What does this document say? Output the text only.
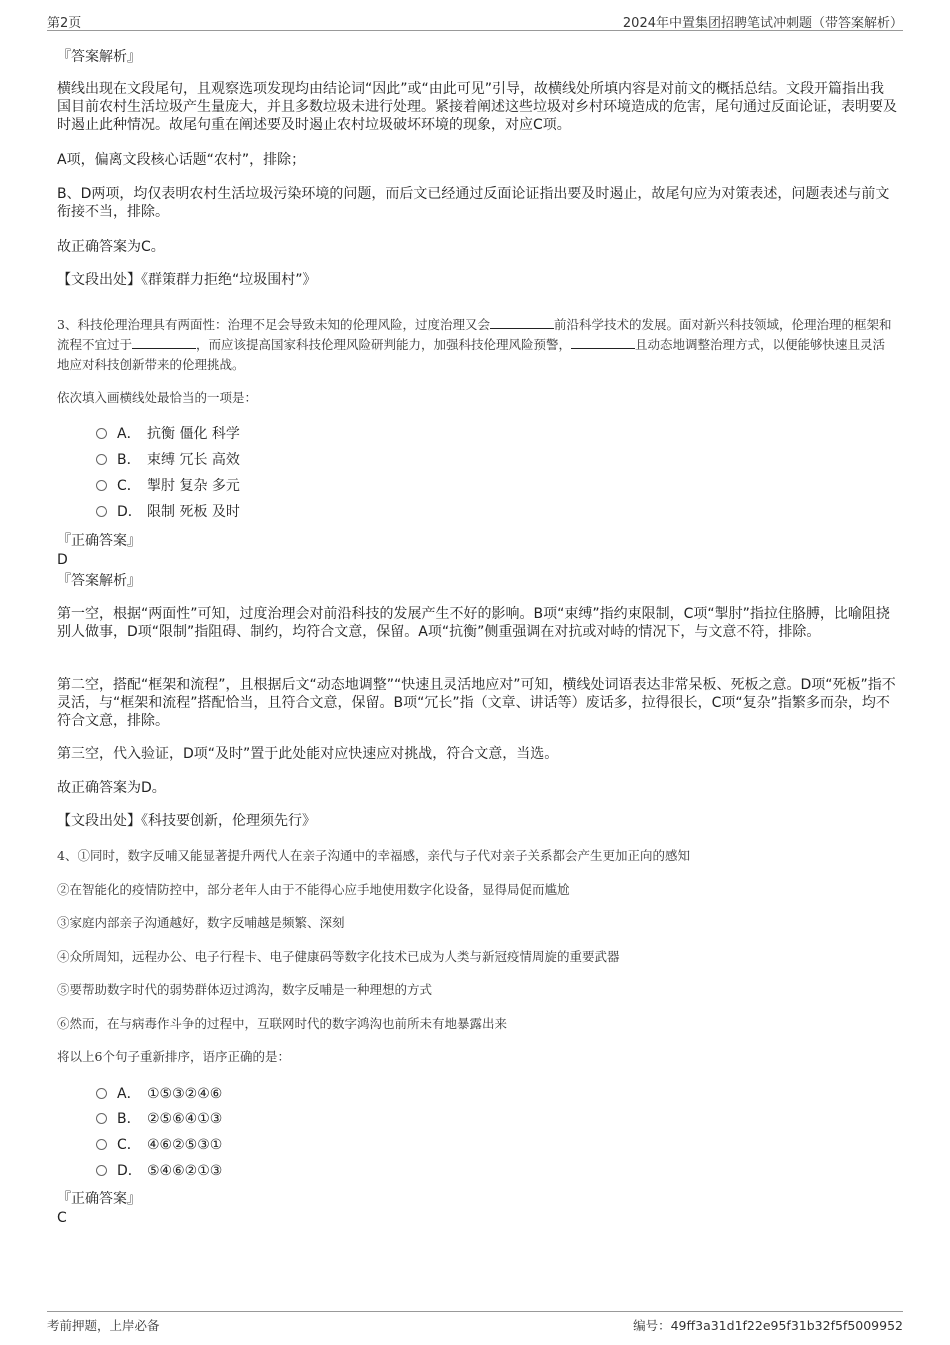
第2页	2024年中置集团招聘笔试冲刺题（带答案解析）

『答案解析』

横线出现在文段尾句，且观察选项发现均由结论词“因此”或“由此可见”引导，故横线处所填内容是对前文的概括总结。文段开篇指出我国目前农村生活垃圾产生量庞大，并且多数垃圾未进行处理。紧接着阐述这些垃圾对乡村环境造成的危害，尾句通过反面论证，表明要及时遏止此种情况。故尾句重在阐述要及时遏止农村垃圾破坏环境的现象，对应C项。

A项，偏离文段核心话题“农村”，排除；

B、D两项，均仅表明农村生活垃圾污染环境的问题，而后文已经通过反面论证指出要及时遏止，故尾句应为对策表述，问题表述与前文衔接不当，排除。

故正确答案为C。

【文段出处】《群策群力拒绝“垃圾围村”》

3、科技伦理治理具有两面性：治理不足会导致未知的伦理风险，过度治理又会	前沿科学技术的发展。面对新兴科技领域，伦理治理的框架和流程不宜过于	，而应该提高国家科技伦理风险研判能力，加强科技伦理风险预警，	且动态地调整治理方式，以便能够快速且灵活地应对科技创新带来的伦理挑战。

依次填入画横线处最恰当的一项是：

A． 抗衡 僵化 科学
B． 束缚 冗长 高效
C． 掣肘 复杂 多元
D． 限制 死板 及时

『正确答案』

D

『答案解析』

第一空，根据“两面性”可知，过度治理会对前沿科技的发展产生不好的影响。B项“束缚”指约束限制，C项“掣肘”指拉住胳膊，比喻阻挠别人做事，D项“限制”指阻碍、制约，均符合文意，保留。A项“抗衡”侧重强调在对抗或对峙的情况下，与文意不符，排除。

第二空，搭配“框架和流程”，且根据后文“动态地调整”“快速且灵活地应对”可知，横线处词语表达非常呆板、死板之意。D项“死板”指不灵活，与“框架和流程”搭配恰当，且符合文意，保留。B项“冗长”指（文章、讲话等）废话多，拉得很长，C项“复杂”指繁多而杂，均不符合文意，排除。

第三空，代入验证，D项“及时”置于此处能对应快速应对挑战，符合文意，当选。

故正确答案为D。

【文段出处】《科技要创新，伦理须先行》

4、①同时，数字反哺又能显著提升两代人在亲子沟通中的幸福感，亲代与子代对亲子关系都会产生更加正向的感知

②在智能化的疫情防控中，部分老年人由于不能得心应手地使用数字化设备，显得局促而尴尬

③家庭内部亲子沟通越好，数字反哺越是频繁、深刻

④众所周知，远程办公、电子行程卡、电子健康码等数字化技术已成为人类与新冠疫情周旋的重要武器

⑤要帮助数字时代的弱势群体迈过鸿沟，数字反哺是一种理想的方式

⑥然而，在与病毒作斗争的过程中，互联网时代的数字鸿沟也前所未有地暴露出来

将以上6个句子重新排序，语序正确的是：

A． ①⑤③②④⑥
B． ②⑤⑥④①③
C． ④⑥②⑤③①
D． ⑤④⑥②①③

『正确答案』

C

考前押题，上岸必备	编号：49ff3a31d1f22e95f31b32f5f5009952
